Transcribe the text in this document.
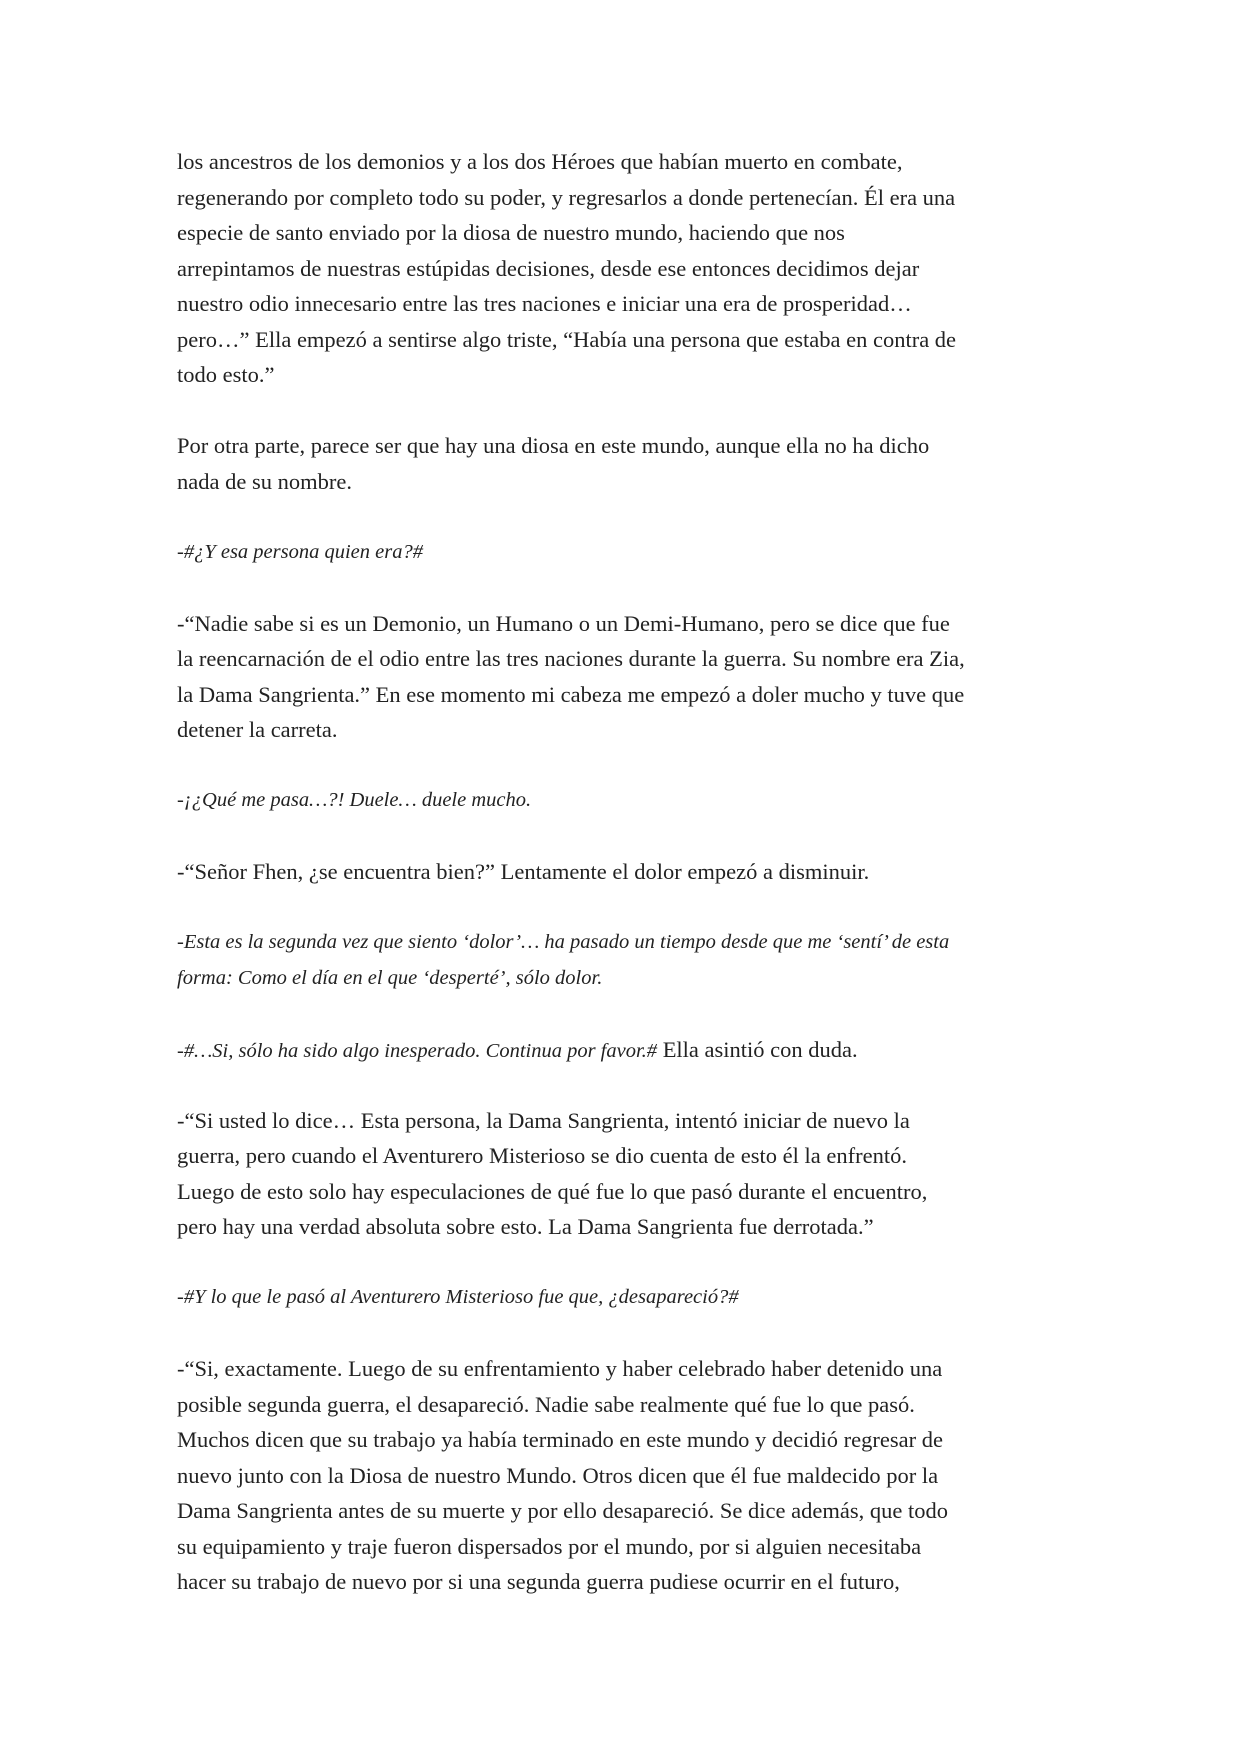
los ancestros de los demonios y a los dos Héroes que habían muerto en combate,
regenerando por completo todo su poder, y regresarlos a donde pertenecían. Él era una
especie de santo enviado por la diosa de nuestro mundo, haciendo que nos
arrepintamos de nuestras estúpidas decisiones, desde ese entonces decidimos dejar
nuestro odio innecesario entre las tres naciones e iniciar una era de prosperidad…
pero…” Ella empezó a sentirse algo triste, “Había una persona que estaba en contra de
todo esto.”

Por otra parte, parece ser que hay una diosa en este mundo, aunque ella no ha dicho
nada de su nombre.

-#¿Y esa persona quien era?#

-“Nadie sabe si es un Demonio, un Humano o un Demi-Humano, pero se dice que fue
la reencarnación de el odio entre las tres naciones durante la guerra. Su nombre era Zia,
la Dama Sangrienta.” En ese momento mi cabeza me empezó a doler mucho y tuve que
detener la carreta.

-¡¿Qué me pasa…?! Duele… duele mucho.

-“Señor Fhen, ¿se encuentra bien?” Lentamente el dolor empezó a disminuir.

-Esta es la segunda vez que siento ‘dolor’… ha pasado un tiempo desde que me ‘sentí’ de esta
forma: Como el día en el que ‘desperté’, sólo dolor.

-#…Si, sólo ha sido algo inesperado. Continua por favor.# Ella asintió con duda.

-“Si usted lo dice… Esta persona, la Dama Sangrienta, intentó iniciar de nuevo la
guerra, pero cuando el Aventurero Misterioso se dio cuenta de esto él la enfrentó.
Luego de esto solo hay especulaciones de qué fue lo que pasó durante el encuentro,
pero hay una verdad absoluta sobre esto. La Dama Sangrienta fue derrotada.”

-#Y lo que le pasó al Aventurero Misterioso fue que, ¿desapareció?#

-“Si, exactamente. Luego de su enfrentamiento y haber celebrado haber detenido una
posible segunda guerra, el desapareció. Nadie sabe realmente qué fue lo que pasó.
Muchos dicen que su trabajo ya había terminado en este mundo y decidió regresar de
nuevo junto con la Diosa de nuestro Mundo. Otros dicen que él fue maldecido por la
Dama Sangrienta antes de su muerte y por ello desapareció. Se dice además, que todo
su equipamiento y traje fueron dispersados por el mundo, por si alguien necesitaba
hacer su trabajo de nuevo por si una segunda guerra pudiese ocurrir en el futuro,
